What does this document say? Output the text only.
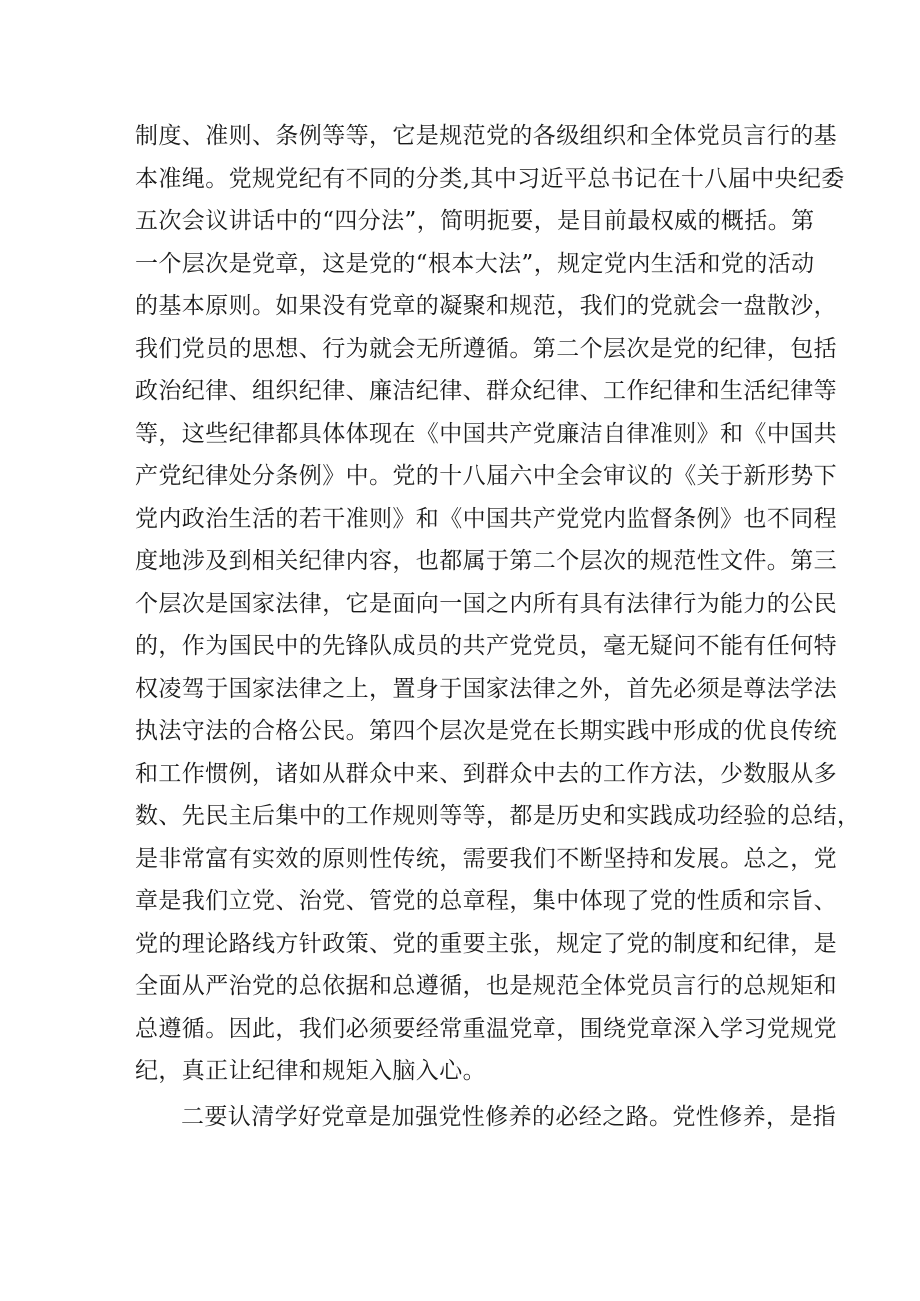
制度、准则、条例等等，它是规范党的各级组织和全体党员言行的基
本准绳。党规党纪有不同的分类,其中习近平总书记在十八届中央纪委
五次会议讲话中的“四分法”，简明扼要，是目前最权威的概括。第
一个层次是党章，这是党的“根本大法”，规定党内生活和党的活动
的基本原则。如果没有党章的凝聚和规范，我们的党就会一盘散沙，
我们党员的思想、行为就会无所遵循。第二个层次是党的纪律，包括
政治纪律、组织纪律、廉洁纪律、群众纪律、工作纪律和生活纪律等
等，这些纪律都具体体现在《中国共产党廉洁自律准则》和《中国共
产党纪律处分条例》中。党的十八届六中全会审议的《关于新形势下
党内政治生活的若干准则》和《中国共产党党内监督条例》也不同程
度地涉及到相关纪律内容，也都属于第二个层次的规范性文件。第三
个层次是国家法律，它是面向一国之内所有具有法律行为能力的公民
的，作为国民中的先锋队成员的共产党党员，毫无疑问不能有任何特
权凌驾于国家法律之上，置身于国家法律之外，首先必须是尊法学法
执法守法的合格公民。第四个层次是党在长期实践中形成的优良传统
和工作惯例，诸如从群众中来、到群众中去的工作方法，少数服从多
数、先民主后集中的工作规则等等，都是历史和实践成功经验的总结，
是非常富有实效的原则性传统，需要我们不断坚持和发展。总之，党
章是我们立党、治党、管党的总章程，集中体现了党的性质和宗旨、
党的理论路线方针政策、党的重要主张，规定了党的制度和纪律，是
全面从严治党的总依据和总遵循，也是规范全体党员言行的总规矩和
总遵循。因此，我们必须要经常重温党章，围绕党章深入学习党规党
纪，真正让纪律和规矩入脑入心。
二要认清学好党章是加强党性修养的必经之路。党性修养，是指
